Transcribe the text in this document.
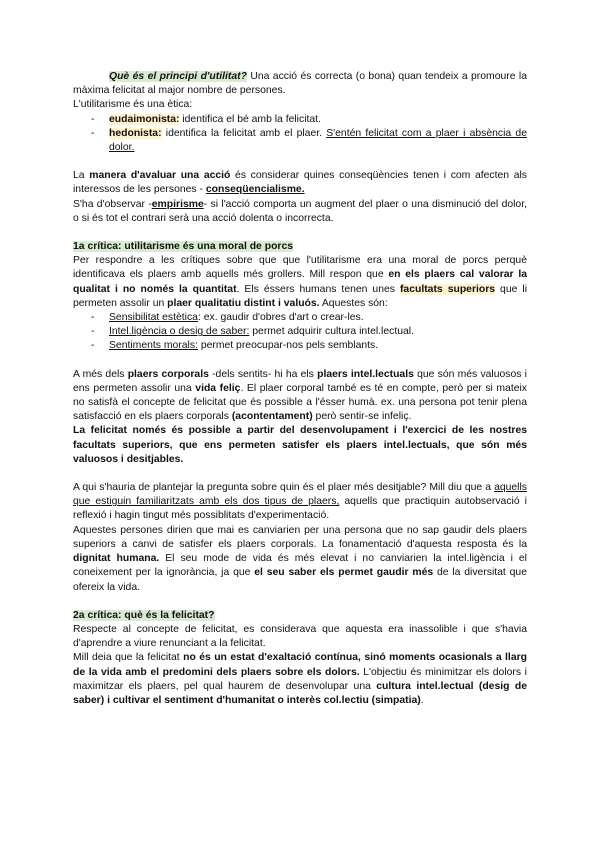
Què és el principi d'utilitat? Una acció és correcta (o bona) quan tendeix a promoure la màxima felicitat al major nombre de persones.

L'utilitarisme és una ètica:

- eudaimonista: identifica el bé amb la felicitat.
- hedonista: identifica la felicitat amb el plaer. S'entén felicitat com a plaer i absència de dolor.

La manera d'avaluar una acció és considerar quines conseqüències tenen i com afecten als interessos de les persones - conseqüencialisme.

S'ha d'observar -empirisme- si l'acció comporta un augment del plaer o una disminució del dolor, o si és tot el contrari serà una acció dolenta o incorrecta.

1a crítica: utilitarisme és una moral de porcs

Per respondre a les crítiques sobre que que l'utilitarisme era una moral de porcs perquè identificava els plaers amb aquells més grollers. Mill respon que en els plaers cal valorar la qualitat i no només la quantitat. Els éssers humans tenen unes facultats superiors que li permeten assolir un plaer qualitatiu distint i valuós. Aquestes són:

- Sensibilitat estètica: ex. gaudir d'obres d'art o crear-les.
- Intel.ligència o desig de saber: permet adquirir cultura intel.lectual.
- Sentiments morals: permet preocupar-nos pels semblants.

A més dels plaers corporals -dels sentits- hi ha els plaers intel.lectuals que són més valuosos i ens permeten assolir una vida feliç. El plaer corporal també es té en compte, però per si mateix no satisfà el concepte de felicitat que és possible a l'ésser humà. ex. una persona pot tenir plena satisfacció en els plaers corporals (acontentament) però sentir-se infeliç.

La felicitat només és possible a partir del desenvolupament i l'exercici de les nostres facultats superiors, que ens permeten satisfer els plaers intel.lectuals, que són més valuosos i desitjables.

A qui s'hauria de plantejar la pregunta sobre quin és el plaer més desitjable? Mill diu que a aquells que estiguin familiaritzats amb els dos tipus de plaers, aquells que practiquin autobservació i reflexió i hagin tingut més possiblitats d'experimentació.

Aquestes persones dirien que mai es canviarien per una persona que no sap gaudir dels plaers superiors a canvi de satisfer els plaers corporals. La fonamentació d'aquesta resposta és la dignitat humana. El seu mode de vida és més elevat i no canviarien la intel.ligència i el coneixement per la ignorància, ja que el seu saber els permet gaudir més de la diversitat que ofereix la vida.

2a crítica: què és la felicitat?

Respecte al concepte de felicitat, es considerava que aquesta era inassolible i que s'havia d'aprendre a viure renunciant a la felicitat.

Mill deia que la felicitat no és un estat d'exaltació contínua, sinó moments ocasionals a llarg de la vida amb el predomini dels plaers sobre els dolors. L'objectiu és minimitzar els dolors i maximitzar els plaers, pel qual haurem de desenvolupar una cultura intel.lectual (desig de saber) i cultivar el sentiment d'humanitat o interès col.lectiu (simpatia).
